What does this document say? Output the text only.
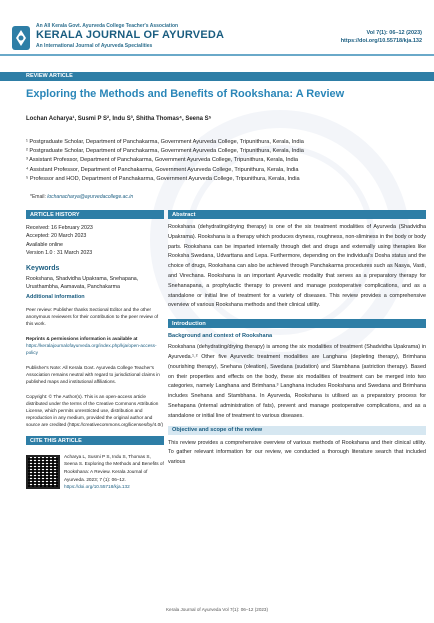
An All Kerala Govt. Ayurveda College Teacher's Association
KERALA JOURNAL OF AYURVEDA
An International Journal of Ayurveda Specialities
Vol 7(1): 06–12 (2023)
https://doi.org/10.55718/kja.132
REVIEW ARTICLE
Exploring the Methods and Benefits of Rookshana: A Review
Lochan Acharya¹, Susmi P S², Indu S³, Shitha Thomas⁴, Seena S⁵
¹ Postgraduate Scholar, Department of Panchakarma, Government Ayurveda College, Tripunithura, Kerala, India
² Postgraduate Scholar, Department of Panchakarma, Government Ayurveda College, Tripunithura, Kerala, India
³ Assistant Professor, Department of Panchakarma, Government Ayurveda College, Tripunithura, Kerala, India
⁴ Assistant Professor, Department of Panchakarma, Government Ayurveda College, Tripunithura, Kerala, India
⁵ Professor and HOD, Department of Panchakarma, Government Ayurveda College, Tripunithura, Kerala, India
*Email: lochanacharya@ayurvedacollege.ac.in
ARTICLE HISTORY
Received: 16 February 2023
Accepted: 20 March 2023
Available online
Version 1.0 : 31 March 2023
Keywords
Rookshana, Shadvidha Upakrama, Snehapana, Urusthambha, Aamavata, Panchakarma
Additional information
Peer review: Publisher thanks Sectional Editor and the other anonymous reviewers for their contribution to the peer review of this work.
Reprints & permissions information is available at https://keralajournalofayurveda.org/index.php/kja/open-access-policy
Publisher's Note: All Kerala Govt. Ayurveda College Teacher's Association remains neutral with regard to jurisdictional claims in published maps and institutional affiliations.
Copyright: © The Author(s). This is an open-access article distributed under the terms of the Creative Commons Attribution License, which permits unrestricted use, distribution and reproduction in any medium, provided the original author and source are credited (https://creativecommons.org/licenses/by/4.0/)
CITE THIS ARTICLE
Acharya L, Susmi P S, Indu S, Thomas S, Seena S. Exploring the Methods and Benefits of Rookshana: A Review. Kerala Journal of Ayurveda. 2023; 7 (1): 06–12. https://doi.org/10.55718/kja.132
Abstract
Rookshana (dehydrating/drying therapy) is one of the six treatment modalities of Ayurveda (Shadvidha Upakrama). Rookshana is a therapy which produces dryness, roughness, non-sliminess in the body or body parts. Rookshana can be imparted internally through diet and drugs and externally using therapies like Rooksha Swedana, Udvarttana and Lepa. Furthermore, depending on the individual's Dosha status and the choice of drugs, Rookshana can also be achieved through Panchakarma procedures such as Nasya, Vasti, and Virechana. Rookshana is an important Ayurvedic modality that serves as a preparatory therapy for Snehanapana, a prophylactic therapy to prevent and manage postoperative complications, and as a standalone or initial line of treatment for a variety of diseases. This review provides a comprehensive overview of various Rookshana methods and their clinical utility.
Introduction
Background and context of Rookshana
Rookshana (dehydrating/drying therapy) is among the six modalities of treatment (Shadvidha Upakrama) in Ayurveda.¹˒² Other five Ayurvedic treatment modalities are Langhana (depleting therapy), Brimhana (nourishing therapy), Snehana (oleation), Swedana (sudation) and Stambhana (astriction therapy). Based on their properties and effects on the body, these six modalities of treatment can be merged into two categories, namely Langhana and Brimhana.³ Langhana includes Rookshana and Swedana and Brimhana includes Snehana and Stambhana. In Ayurveda, Rookshana is utilised as a preparatory process for Snehapana (internal administration of fats), prevent and manage postoperative complications, and as a standalone or initial line of treatment to various diseases.
Objective and scope of the review
This review provides a comprehensive overview of various methods of Rookshana and their clinical utility. To gather relevant information for our review, we conducted a thorough literature search that included various
Kerala Journal of Ayurveda Vol 7(1): 06–12 (2023)
